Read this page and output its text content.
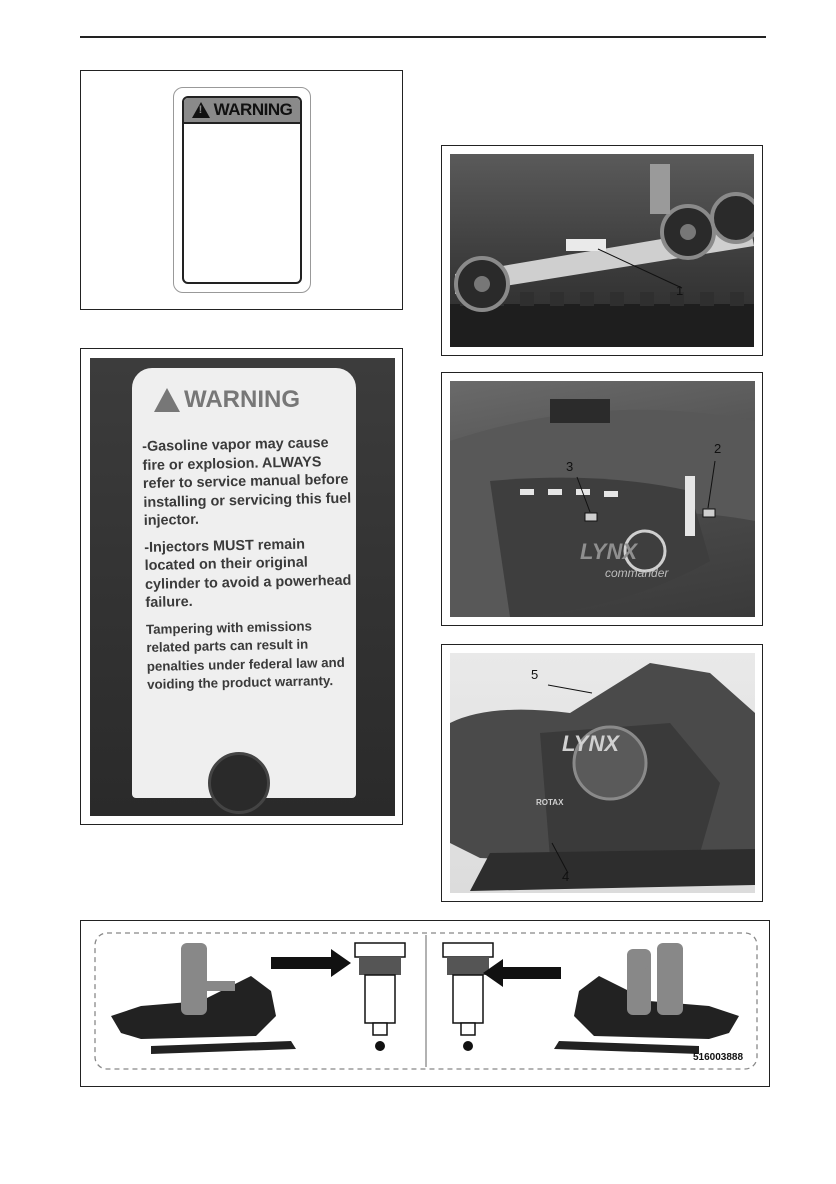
!
WARNING
WARNING

-Gasoline vapor may cause fire or explosion. ALWAYS refer to service manual before installing or servicing this fuel injector.

-Injectors MUST remain located on their original cylinder to avoid a powerhead failure.

Tampering with emissions related parts can result in penalties under federal law and voiding the product warranty.

1
LYNX
commander
3
2
LYNX
ROTAX
5
4
516003888
